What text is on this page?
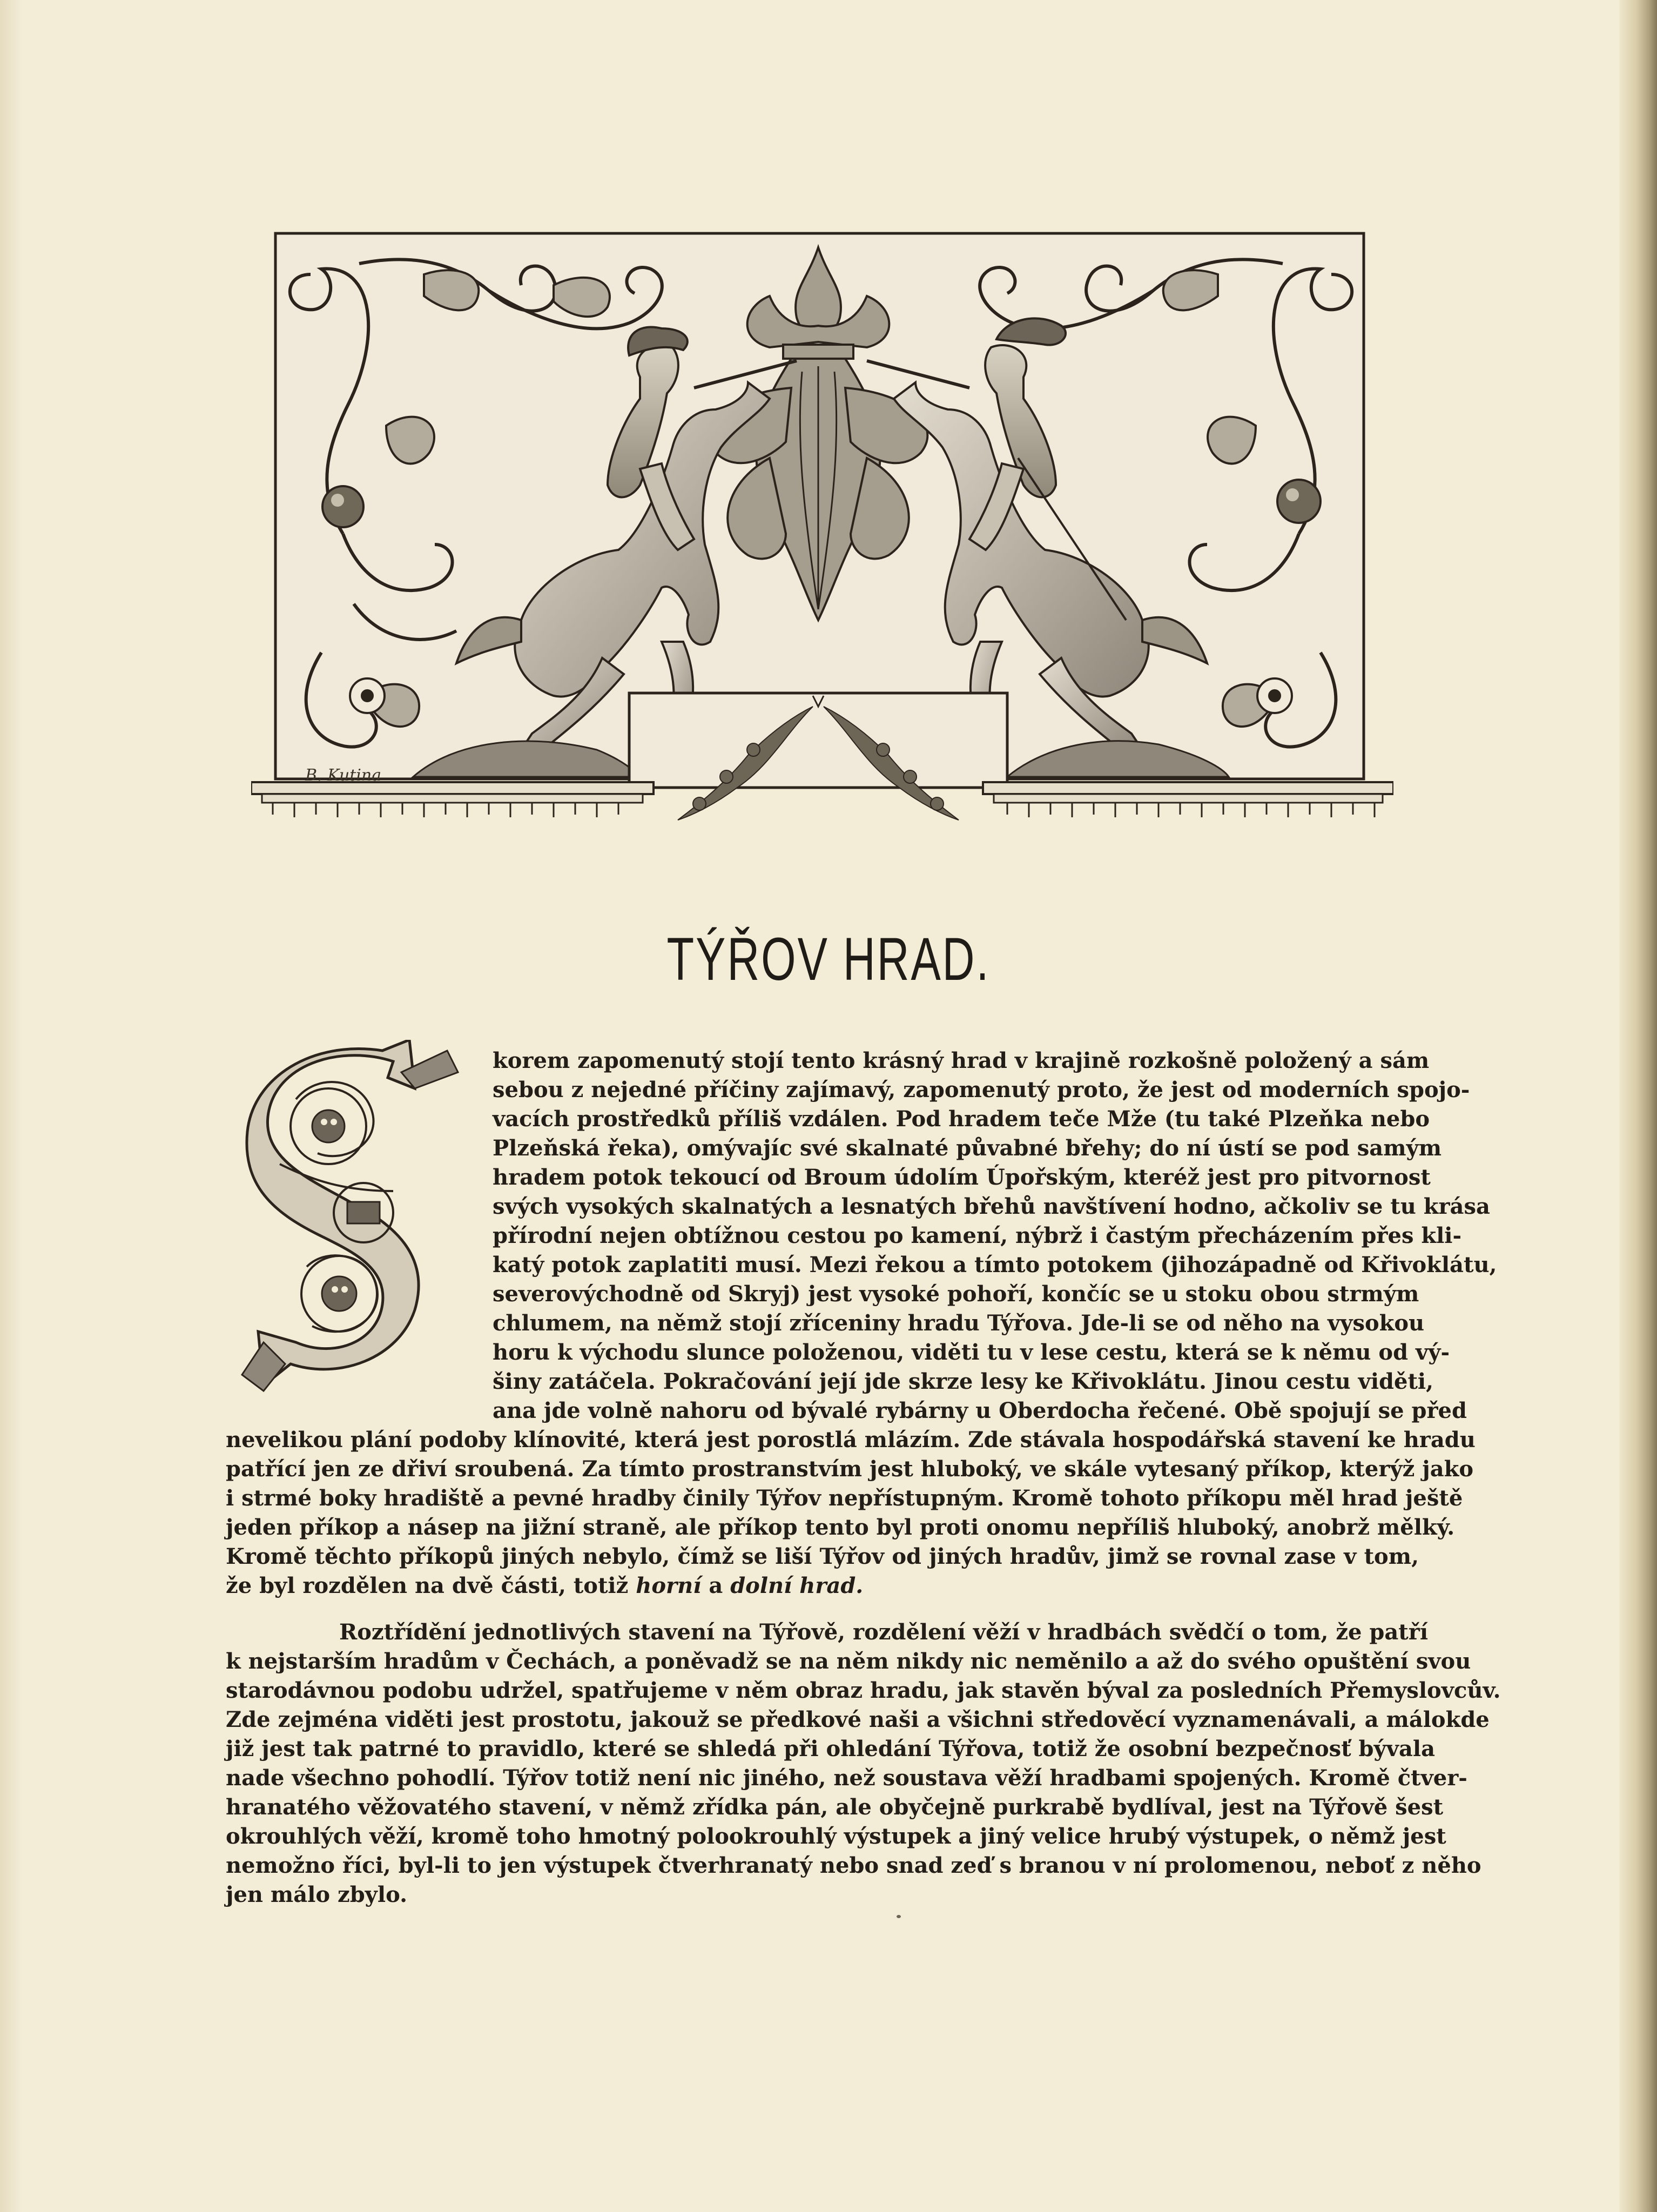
B. Kutina
TÝŘOV HRAD.
korem zapomenutý stojí tento krásný hrad v krajině rozkošně položený a sám
sebou z nejedné příčiny zajímavý, zapomenutý proto, že jest od moderních spojo-
vacích prostředků příliš vzdálen. Pod hradem teče Mže (tu také Plzeňka nebo
Plzeňská řeka), omývajíc své skalnaté půvabné břehy; do ní ústí se pod samým
hradem potok tekoucí od Broum údolím Úpořským, kteréž jest pro pitvornost
svých vysokých skalnatých a lesnatých břehů navštívení hodno, ačkoliv se tu krása
přírodní nejen obtížnou cestou po kamení, nýbrž i častým přecházením přes kli-
katý potok zaplatiti musí. Mezi řekou a tímto potokem (jihozápadně od Křivoklátu,
severovýchodně od Skryj) jest vysoké pohoří, končíc se u stoku obou strmým
chlumem, na němž stojí zříceniny hradu Týřova. Jde-li se od něho na vysokou
horu k východu slunce položenou, viděti tu v lese cestu, která se k němu od vý-
šiny zatáčela. Pokračování její jde skrze lesy ke Křivoklátu. Jinou cestu viděti,
ana jde volně nahoru od bývalé rybárny u Oberdocha řečené. Obě spojují se před
nevelikou plání podoby klínovité, která jest porostlá mlázím. Zde stávala hospodářská stavení ke hradu
patřící jen ze dřiví sroubená. Za tímto prostranstvím jest hluboký, ve skále vytesaný příkop, kterýž jako
i strmé boky hradiště a pevné hradby činily Týřov nepřístupným. Kromě tohoto příkopu měl hrad ještě
jeden příkop a násep na jižní straně, ale příkop tento byl proti onomu nepříliš hluboký, anobrž mělký.
Kromě těchto příkopů jiných nebylo, čímž se liší Týřov od jiných hradův, jimž se rovnal zase v tom,
že byl rozdělen na dvě části, totiž horní a dolní hrad.
Roztřídění jednotlivých stavení na Týřově, rozdělení věží v hradbách svědčí o tom, že patří
k nejstarším hradům v Čechách, a poněvadž se na něm nikdy nic neměnilo a až do svého opuštění svou
starodávnou podobu udržel, spatřujeme v něm obraz hradu, jak stavěn býval za posledních Přemyslovcův.
Zde zejména viděti jest prostotu, jakouž se předkové naši a všichni středověcí vyznamenávali, a málokde
již jest tak patrné to pravidlo, které se shledá při ohledání Týřova, totiž že osobní bezpečnosť bývala
nade všechno pohodlí. Týřov totiž není nic jiného, než soustava věží hradbami spojených. Kromě čtver-
hranatého věžovatého stavení, v němž zřídka pán, ale obyčejně purkrabě bydlíval, jest na Týřově šest
okrouhlých věží, kromě toho hmotný polookrouhlý výstupek a jiný velice hrubý výstupek, o němž jest
nemožno říci, byl-li to jen výstupek čtverhranatý nebo snad zeď s branou v ní prolomenou, neboť z něho
jen málo zbylo.
